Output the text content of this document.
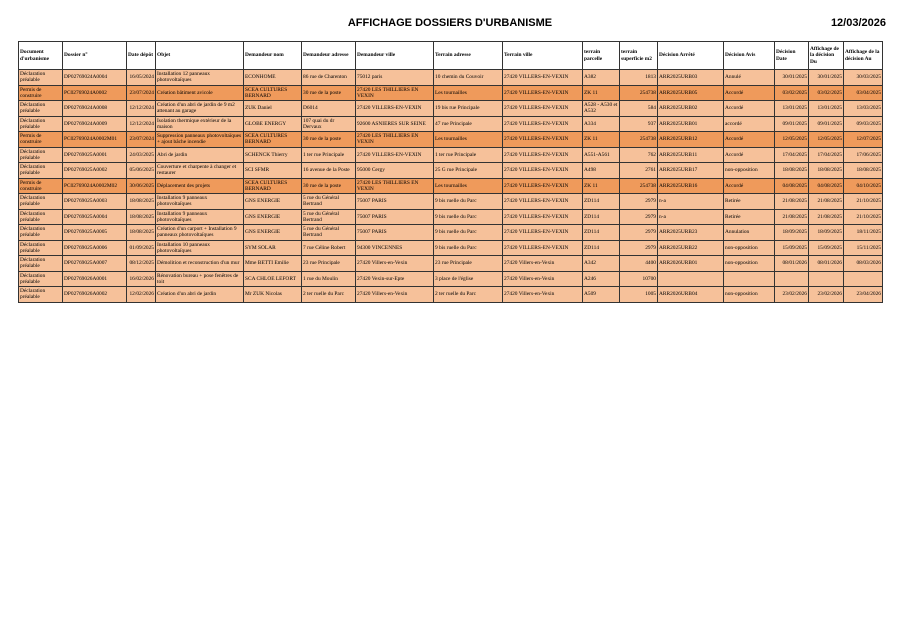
AFFICHAGE DOSSIERS D'URBANISME	12/03/2026
Document d'urbanisme	Dossier n°	Date dépôt	Objet	Demandeur nom	Demandeur adresse	Demandeur ville	Terrain adresse	Terrain ville	terrain parcelle	terrain superficie m2	Décision Arrêté	Décision Avis	Décision Date	Affichage de la décision Du	Affichage de la décision Au
Déclaration préalable	DP02769024A0004	16/05/2024	Installation 12 panneaux photovoltaïques	ECONHOME	86 rue de Charenton	75012 paris	10 chemin du Couvoir	27420 VILLERS-EN-VEXIN	A382	1813	ARR2025URB03	Annulé	30/01/2025	30/01/2025	30/03/2025
Permis de construire	PC02769024A0002	23/07/2024	Création bâtiment avicole	SCEA CULTURES BERNARD	30 rue de la poste	27420 LES THILLIERS EN VEXIN	Les tournailles	27420 VILLERS-EN-VEXIN	ZK 11	254738	ARR2025URB05	Accordé	03/02/2025	03/02/2025	03/04/2025
Déclaration préalable	DP02769024A0008	12/12/2024	Création d'un abri de jardin de 9 m2 attenant au garage	ZUK Daniel	D6014	27420 VILLERS-EN-VEXIN	19 bis rue Principale	27420 VILLERS-EN-VEXIN	A528 - A530 et A532	584	ARR2025URB02	Accordé	13/01/2025	13/01/2025	13/03/2025
Déclaration préalable	DP02769024A0009	12/12/2024	Isolation thermique extérieur de la maison	GLOBE ENERGY	107 quai du dr Dervaux	92600 ASNIERES SUR SEINE	47 rue Principale	27420 VILLERS-EN-VEXIN	A334	937	ARR2025URB01	accordé	09/01/2025	09/01/2025	09/03/2025
Permis de construire	PC02769024A0002M01	23/07/2024	Suppression panneaux photovoltaïques + ajout bâche incendie	SCEA CULTURES BERNARD	30 rue de la poste	27420 LES THILLIERS EN VEXIN	Les tournailles	27420 VILLERS-EN-VEXIN	ZK 11	254738	ARR2025URB12	Accordé	12/05/2025	12/05/2025	12/07/2025
Déclaration préalable	DP02769025A0001	24/03/2025	Abri de jardin	SCHENCK Thierry	1 ter rue Principale	27420 VILLERS-EN-VEXIN	1 ter rue Principale	27420 VILLERS-EN-VEXIN	A551-A561	762	ARR2025URB11	Accordé	17/04/2025	17/04/2025	17/06/2025
Déclaration préalable	DP02769025A0002	05/06/2025	Couverture et charpente à changer et restaurer	SCI SFMR	16 avenue de la Poste	95000 Cergy	25 G rue Principale	27420 VILLERS-EN-VEXIN	A498	2761	ARR2025URB17	non-opposition	18/08/2025	18/08/2025	18/08/2025
Permis de construire	PC02769024A0002M02	30/06/2025	Déplacement des projets	SCEA CULTURES BERNARD	30 rue de la poste	27420 LES THILLIERS EN VEXIN	Les tournailles	27420 VILLERS-EN-VEXIN	ZK 11	254738	ARR2025URB16	Accordé	04/08/2025	04/08/2025	04/10/2025
Déclaration préalable	DP02769025A0003	18/08/2025	Installation 9 panneaux photovoltaïques	GNS ENERGIE	5 rue du Général Bertrand	75007 PARIS	9 bis ruelle du Parc	27420 VILLERS-EN-VEXIN	ZD114	2979	n-a	Retirée	21/08/2025	21/08/2025	21/10/2025
Déclaration préalable	DP02769025A0004	18/08/2025	Installation 9 panneaux photovoltaïques	GNS ENERGIE	5 rue du Général Bertrand	75007 PARIS	9 bis ruelle du Parc	27420 VILLERS-EN-VEXIN	ZD114	2979	n-a	Retirée	21/08/2025	21/08/2025	21/10/2025
Déclaration préalable	DP02769025A0005	18/08/2025	Création d'un carport + Installation 9 panneaux photovoltaïques	GNS ENERGIE	5 rue du Général Bertrand	75007 PARIS	9 bis ruelle du Parc	27420 VILLERS-EN-VEXIN	ZD114	2979	ARR2025URB23	Annulation	18/09/2025	18/09/2025	18/11/2025
Déclaration préalable	DP02769025A0006	01/09/2025	Installation 10 panneaux photovoltaïques	SYM SOLAR	7 rue Céline Robert	94300 VINCENNES	9 bis ruelle du Parc	27420 VILLERS-EN-VEXIN	ZD114	2979	ARR2025URB22	non-opposition	15/09/2025	15/09/2025	15/11/2025
Déclaration préalable	DP02769025A0007	08/12/2025	Démolition et reconstruction d'un mur	Mme BETTI Emilie	23 rue Principale	27420 Villers-en-Vexin	23 rue Principale	27420 Villers-en-Vexin	A342	4400	ARR2026URB01	non-opposition	08/01/2026	08/01/2026	08/03/2026
Déclaration préalable	DP02769026A0001	16/02/2026	Rénovation bureau + pose fenêtres de toit	SCA CHLOE LEFORT	1 rue du Moulin	27420 Vexin-sur-Epte	3 place de l'église	27420 Villers-en-Vexin	A246	10700					
Déclaration préalable	DP02769026A0002	12/02/2026	Création d'un abri de jardin	Mr ZUK Nicolas	2 ter ruelle du Parc	27420 Villers-en-Vexin	2 ter ruelle du Parc	27420 Villers-en-Vexin	A509	1005	ARR2026URB04	non-opposition	23/02/2026	23/02/2026	23/04/2026
